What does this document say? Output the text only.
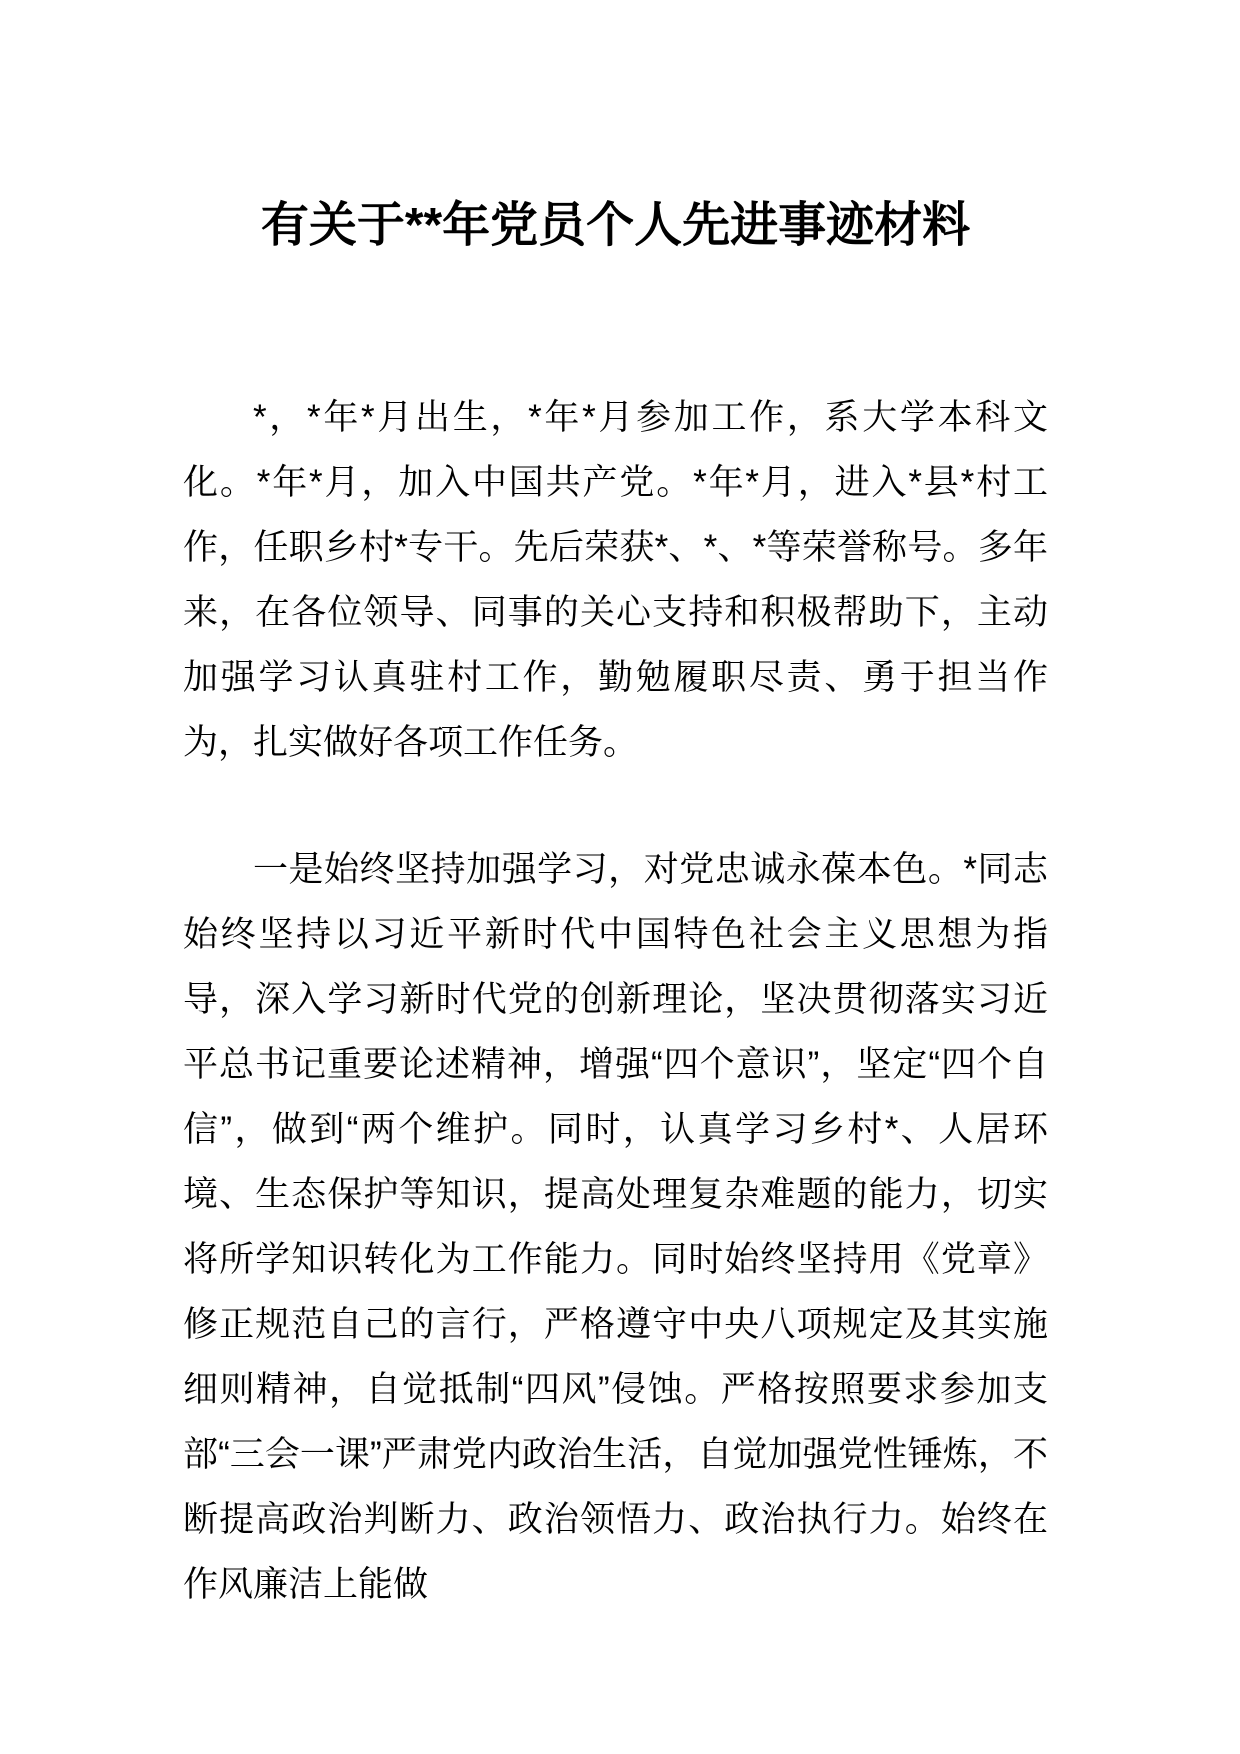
有关于**年党员个人先进事迹材料

*，*年*月出生，*年*月参加工作，系大学本科文化。*年*月，加入中国共产党。*年*月，进入*县*村工作，任职乡村*专干。先后荣获*、*、*等荣誉称号。多年来，在各位领导、同事的关心支持和积极帮助下，主动加强学习认真驻村工作，勤勉履职尽责、勇于担当作为，扎实做好各项工作任务。

一是始终坚持加强学习，对党忠诚永葆本色。*同志始终坚持以习近平新时代中国特色社会主义思想为指导，深入学习新时代党的创新理论，坚决贯彻落实习近平总书记重要论述精神，增强“四个意识”，坚定“四个自信”，做到“两个维护。同时，认真学习乡村*、人居环境、生态保护等知识，提高处理复杂难题的能力，切实将所学知识转化为工作能力。同时始终坚持用《党章》修正规范自己的言行，严格遵守中央八项规定及其实施细则精神，自觉抵制“四风”侵蚀。严格按照要求参加支部“三会一课”严肃党内政治生活，自觉加强党性锤炼，不断提高政治判断力、政治领悟力、政治执行力。始终在作风廉洁上能做
